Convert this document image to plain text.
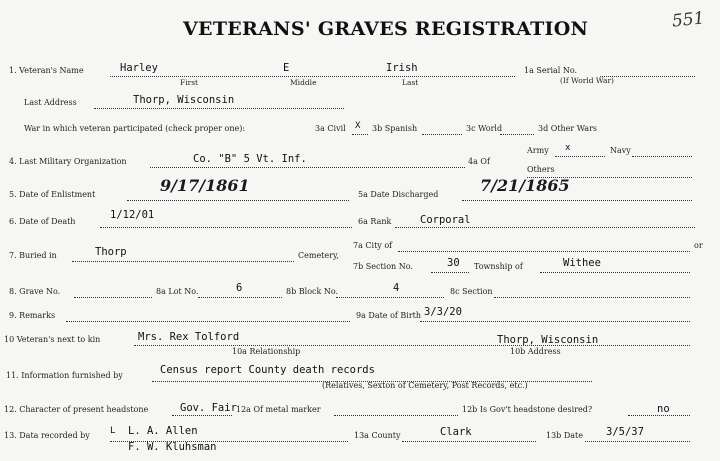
VETERANS' GRAVES REGISTRATION	551
1. Veteran's Name	Harley	E	Irish
First	Middle	Last
1a Serial No.
(If World War)
Last Address	Thorp, Wisconsin
War in which veteran participated (check proper one):	3a Civil X 3b Spanish	3c World	3d Other Wars
4. Last Military Organization	Co. "B" 5 Vt. Inf.	4a Of
Army x	Navy
Others
5. Date of Enlistment	9/17/1861	5a Date Discharged	7/21/1865
6. Date of Death
1/12/01
6a Rank	Corporal
7a City of	or
7. Buried in	Thorp	Cemetery,
7b Section No.	30 Township of	Withee
8. Grave No.	8a Lot No.	6	8b Block No.	4	8c Section
9. Remarks	9a Date of Birth 3/3/20
10 Veteran's next to kin	Mrs. Rex Tolford	Thorp, Wisconsin
10a Relationship	10b Address
11. Information furnished by	Census report County death records
(Relatives, Sexton of Cemetery, Post Records, etc.)
12. Character of present headstone	Gov. Fair 12a Of metal marker	12b Is Gov't headstone desired?	no
13. Data recorded by L L. A. Allen
F. W. Kluhsman
13a County	Clark	13b Date 3/5/37
